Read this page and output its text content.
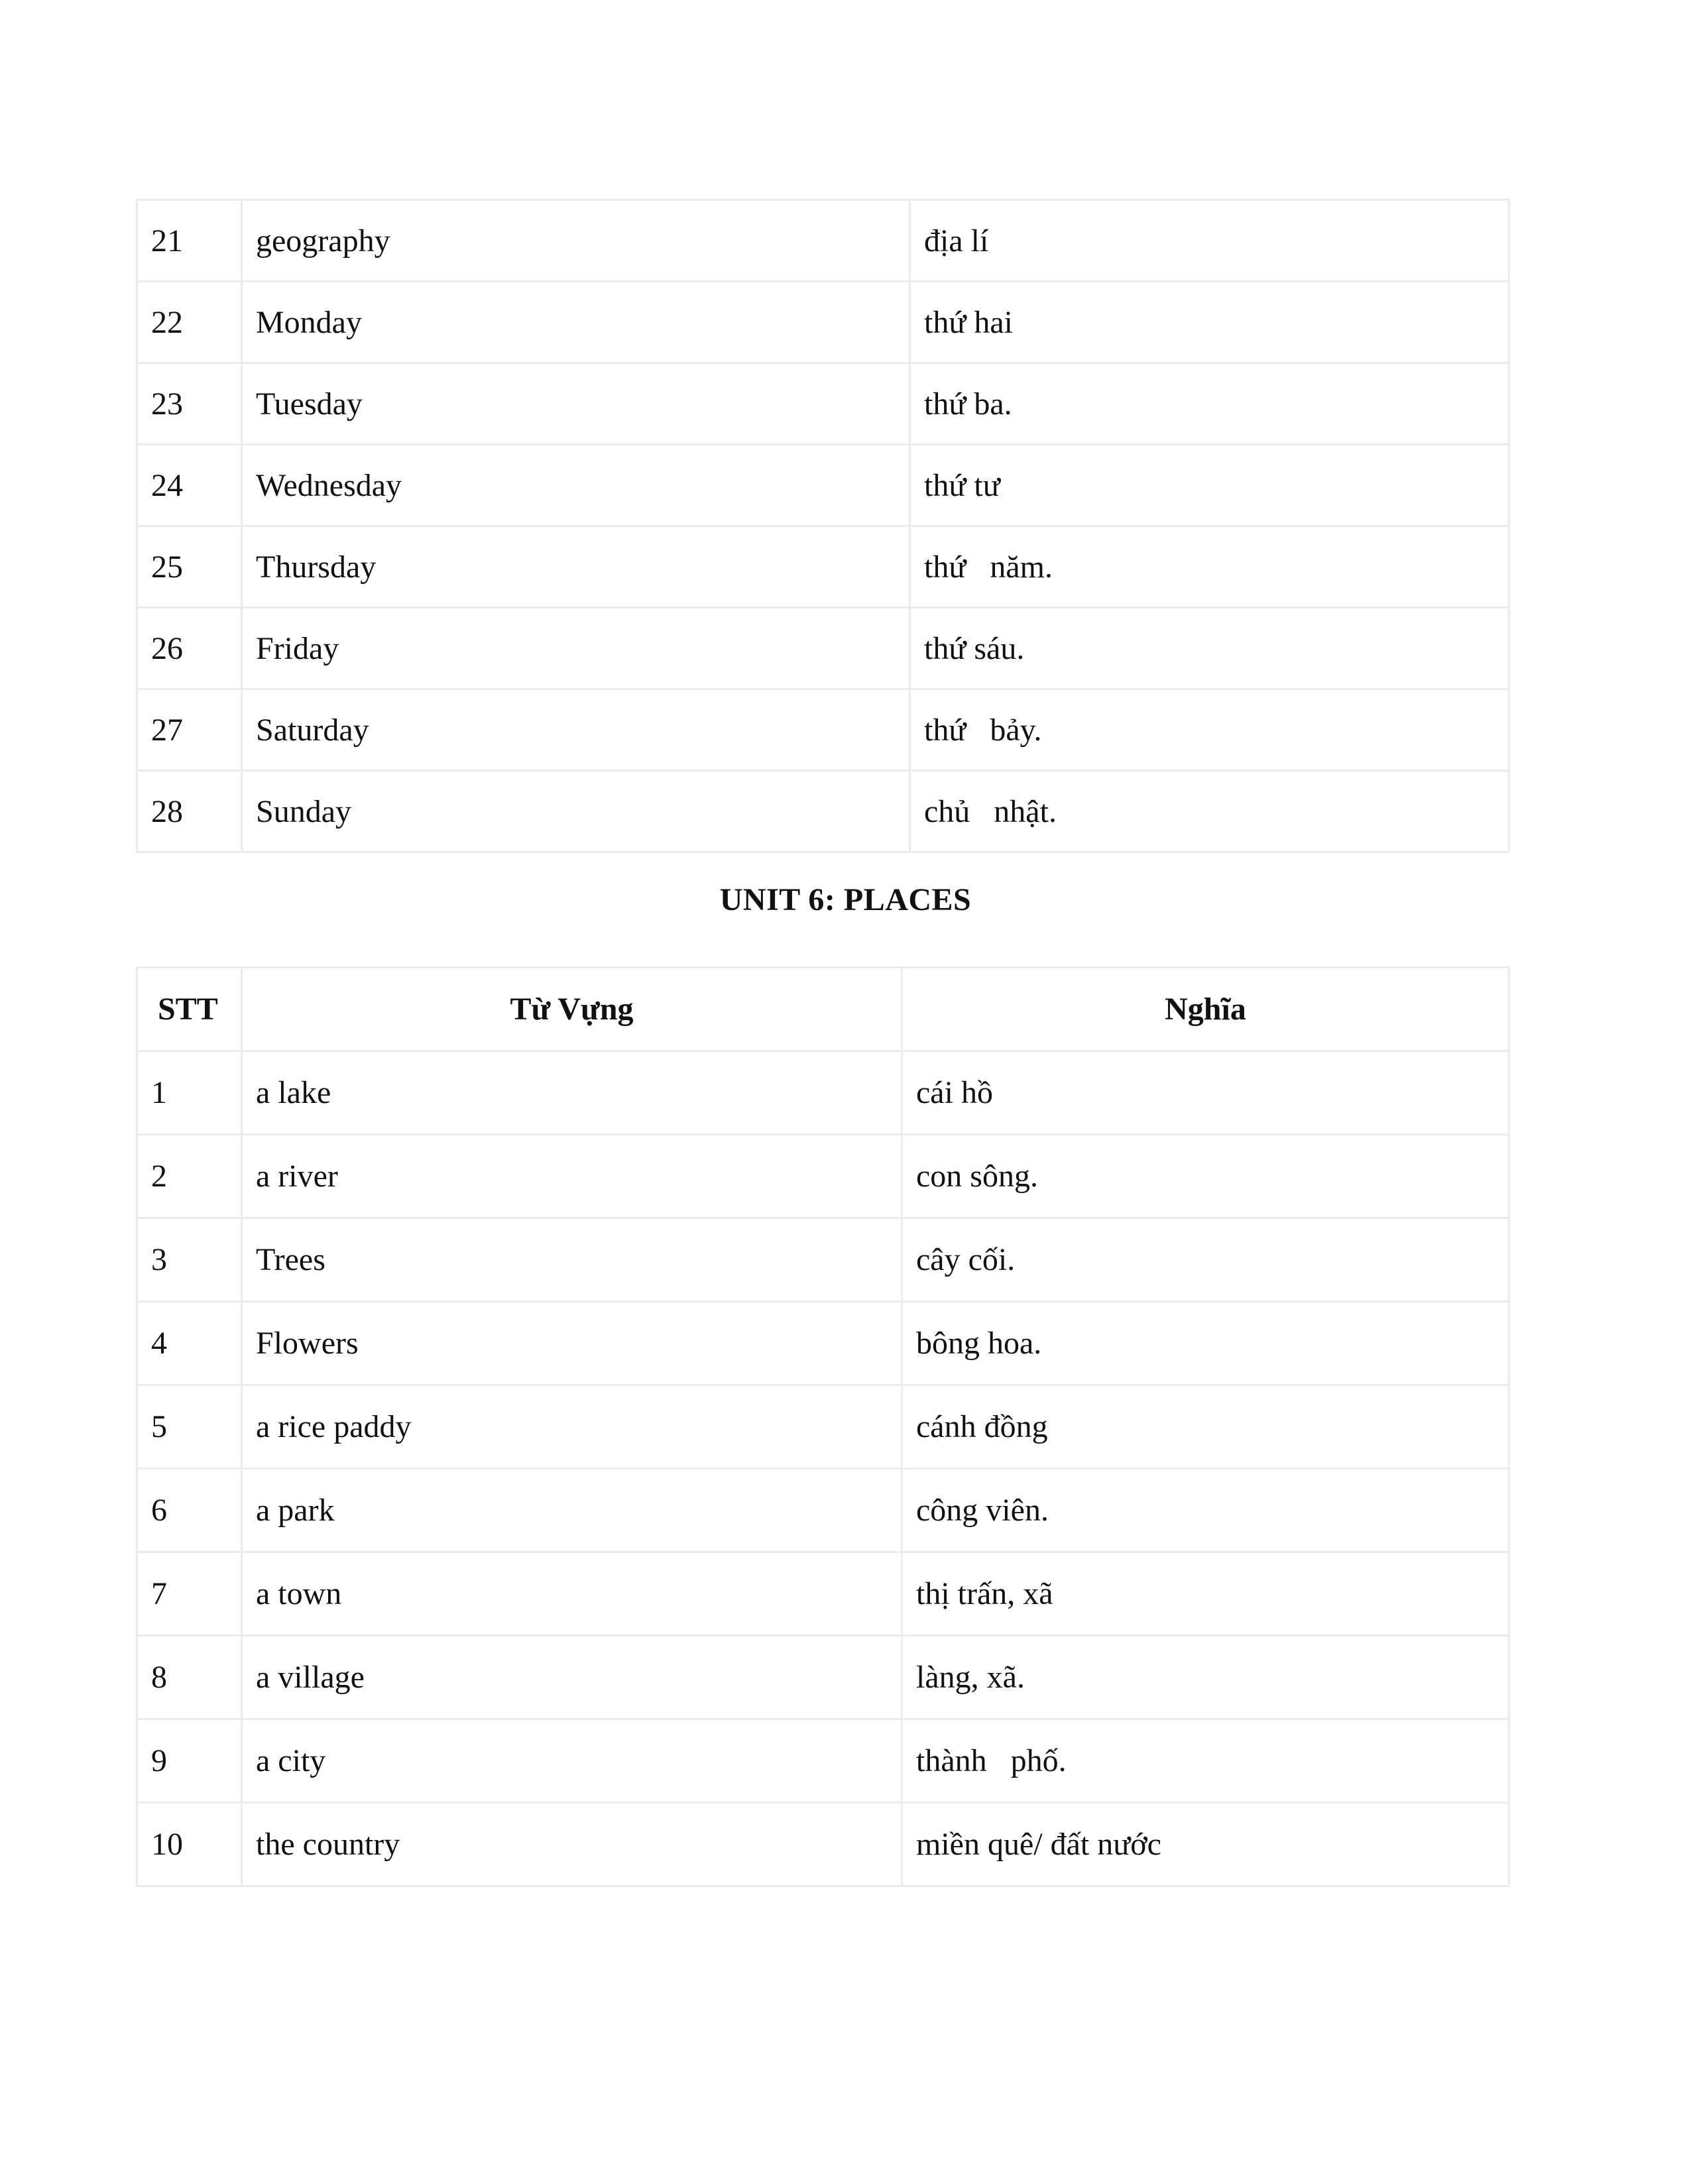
21	geography	địa lí
22	Monday	thứ hai
23	Tuesday	thứ ba.
24	Wednesday	thứ tư
25	Thursday	thứ   năm.
26	Friday	thứ sáu.
27	Saturday	thứ   bảy.
28	Sunday	chủ   nhật.
UNIT 6: PLACES
STT	Từ Vựng	Nghĩa
1	a lake	cái hồ
2	a river	con sông.
3	Trees	cây cối.
4	Flowers	bông hoa.
5	a rice paddy	cánh đồng
6	a park	công viên.
7	a town	thị trấn, xã
8	a village	làng, xã.
9	a city	thành   phố.
10	the country	miền quê/ đất nước
